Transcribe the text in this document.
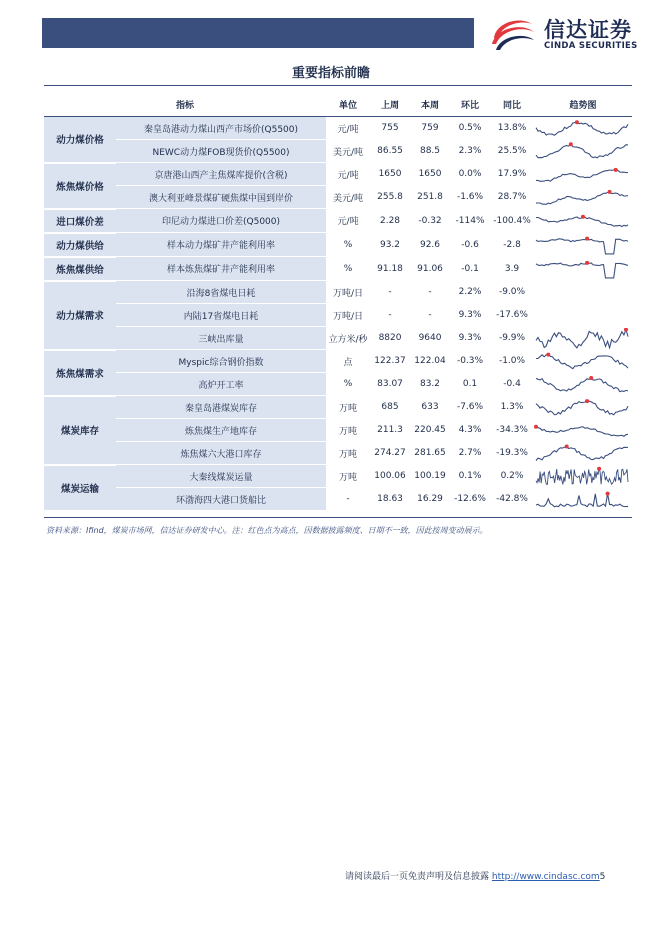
信达证券
CINDA SECURITIES
重要指标前瞻
指标		单位	上周	本周	环比	同比	趋势图
动力煤价格	秦皇岛港动力煤山西产市场价(Q5500)	元/吨	755	759	0.5%	13.8%	

	NEWC动力煤FOB现货价(Q5500)	美元/吨	86.55	88.5	2.3%	25.5%	

炼焦煤价格	京唐港山西产主焦煤库提价(含税)	元/吨	1650	1650	0.0%	17.9%	

	澳大利亚峰景煤矿硬焦煤中国到岸价	美元/吨	255.8	251.8	-1.6%	28.7%	

进口煤价差	印尼动力煤进口价差(Q5000)	元/吨	2.28	-0.32	-114%	-100.4%	

动力煤供给	样本动力煤矿井产能利用率	%	93.2	92.6	-0.6	-2.8	

炼焦煤供给	样本炼焦煤矿井产能利用率	%	91.18	91.06	-0.1	3.9	

动力煤需求	沿海8省煤电日耗	万吨/日	-	-	2.2%	-9.0%	
	内陆17省煤电日耗	万吨/日	-	-	9.3%	-17.6%	
	三峡出库量	立方米/秒	8820	9640	9.3%	-9.9%	

炼焦煤需求	Myspic综合钢价指数	点	122.37	122.04	-0.3%	-1.0%	

	高炉开工率	%	83.07	83.2	0.1	-0.4	

煤炭库存	秦皇岛港煤炭库存	万吨	685	633	-7.6%	1.3%	

	炼焦煤生产地库存	万吨	211.3	220.45	4.3%	-34.3%	

	炼焦煤六大港口库存	万吨	274.27	281.65	2.7%	-19.3%	

煤炭运输	大秦线煤炭运量	万吨	100.06	100.19	0.1%	0.2%	

	环渤海四大港口货船比	-	18.63	16.29	-12.6%	-42.8%	
资料来源：Ifind，煤炭市场网，信达证券研发中心。注：红色点为高点，因数据披露频度、日期不一致，因此按周变动展示。
请阅读最后一页免责声明及信息披露 http://www.cindasc.com5
